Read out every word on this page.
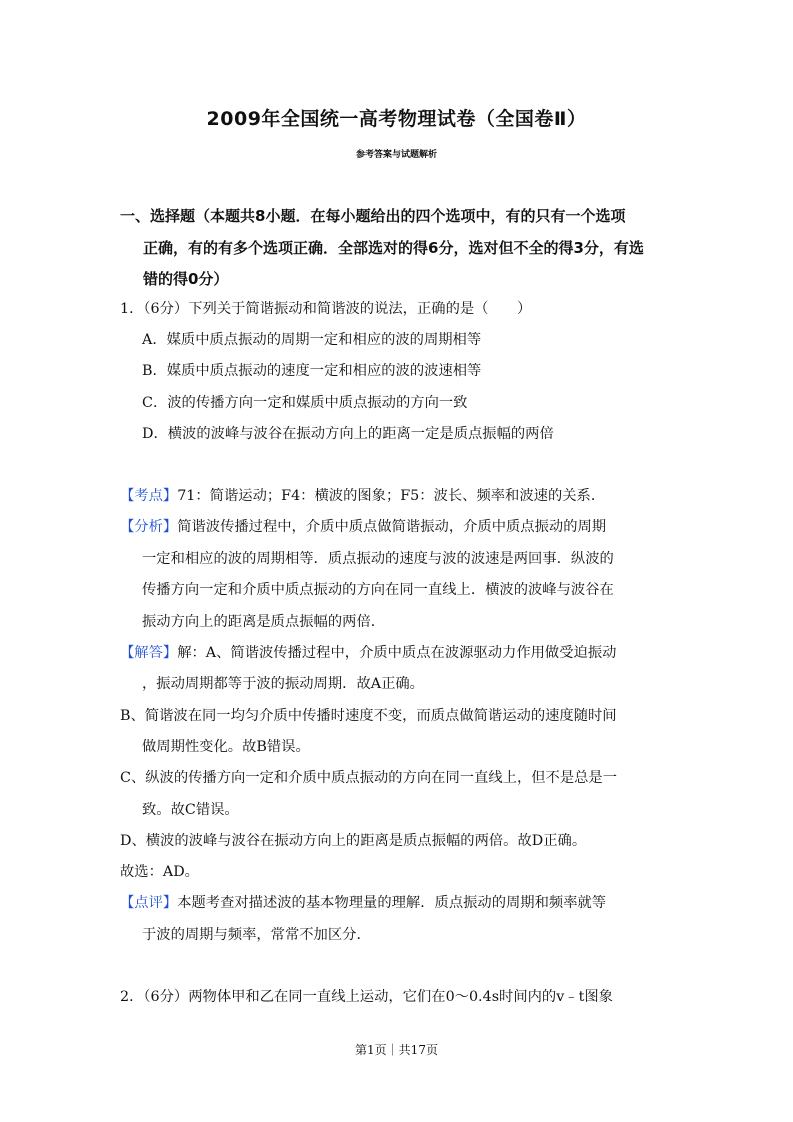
2009年全国统一高考物理试卷（全国卷Ⅱ）
参考答案与试题解析
一、选择题（本题共8小题．在每小题给出的四个选项中，有的只有一个选项
正确，有的有多个选项正确．全部选对的得6分，选对但不全的得3分，有选
错的得0分）
1．（6分）下列关于简谐振动和简谐波的说法，正确的是（　　）
A．媒质中质点振动的周期一定和相应的波的周期相等
B．媒质中质点振动的速度一定和相应的波的波速相等
C．波的传播方向一定和媒质中质点振动的方向一致
D．横波的波峰与波谷在振动方向上的距离一定是质点振幅的两倍
【考点】71：简谐运动；F4：横波的图象；F5：波长、频率和波速的关系．
【分析】简谐波传播过程中，介质中质点做简谐振动，介质中质点振动的周期
一定和相应的波的周期相等．质点振动的速度与波的波速是两回事．纵波的
传播方向一定和介质中质点振动的方向在同一直线上．横波的波峰与波谷在
振动方向上的距离是质点振幅的两倍．
【解答】解：A、简谐波传播过程中，介质中质点在波源驱动力作用做受迫振动
，振动周期都等于波的振动周期．故A正确。
B、简谐波在同一均匀介质中传播时速度不变，而质点做简谐运动的速度随时间
做周期性变化。故B错误。
C、纵波的传播方向一定和介质中质点振动的方向在同一直线上，但不是总是一
致。故C错误。
D、横波的波峰与波谷在振动方向上的距离是质点振幅的两倍。故D正确。
故选：AD。
【点评】本题考查对描述波的基本物理量的理解．质点振动的周期和频率就等
于波的周期与频率，常常不加区分．
2．（6分）两物体甲和乙在同一直线上运动，它们在0～0.4s时间内的v﹣t图象
第1页｜共17页
